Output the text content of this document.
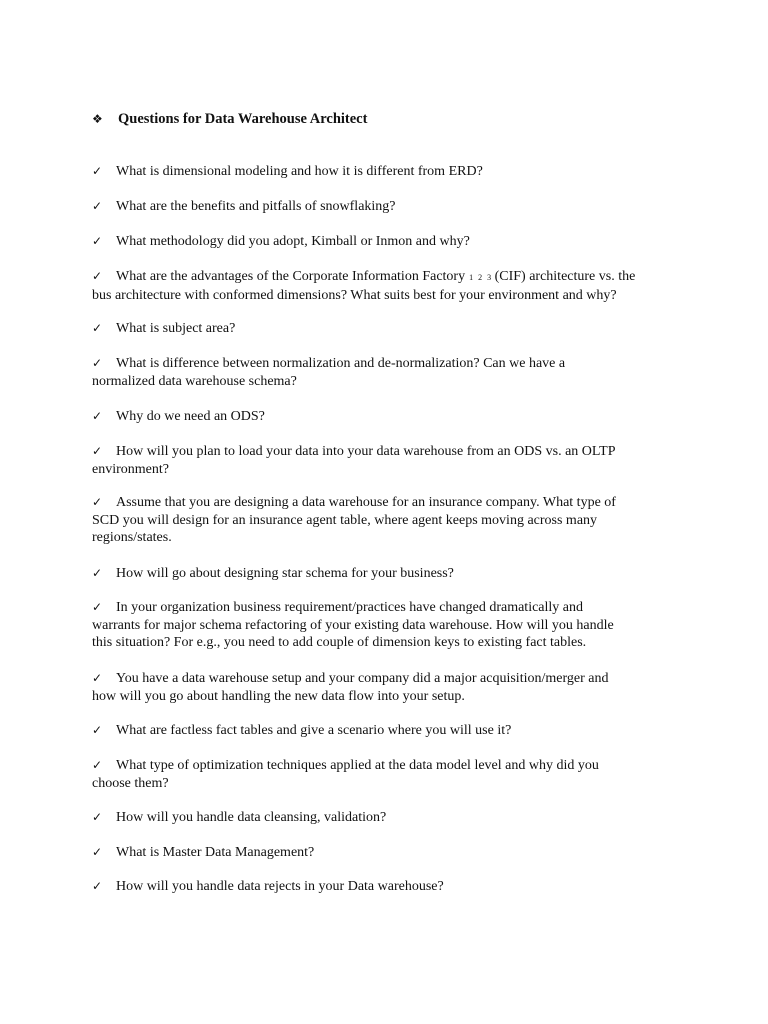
❖ Questions for Data Warehouse Architect
✓ What is dimensional modeling and how it is different from ERD?
✓ What are the benefits and pitfalls of snowflaking?
✓ What methodology did you adopt, Kimball or Inmon and why?
✓ What are the advantages of the Corporate Information Factory 1 2 3 (CIF) architecture vs. the
bus architecture with conformed dimensions? What suits best for your environment and why?
✓ What is subject area?
✓ What is difference between normalization and de-normalization? Can we have a
normalized data warehouse schema?
✓ Why do we need an ODS?
✓ How will you plan to load your data into your data warehouse from an ODS vs. an OLTP
environment?
✓ Assume that you are designing a data warehouse for an insurance company. What type of
SCD you will design for an insurance agent table, where agent keeps moving across many
regions/states.
✓ How will go about designing star schema for your business?
✓ In your organization business requirement/practices have changed dramatically and
warrants for major schema refactoring of your existing data warehouse. How will you handle
this situation? For e.g., you need to add couple of dimension keys to existing fact tables.
✓ You have a data warehouse setup and your company did a major acquisition/merger and
how will you go about handling the new data flow into your setup.
✓ What are factless fact tables and give a scenario where you will use it?
✓ What type of optimization techniques applied at the data model level and why did you
choose them?
✓ How will you handle data cleansing, validation?
✓ What is Master Data Management?
✓ How will you handle data rejects in your Data warehouse?
